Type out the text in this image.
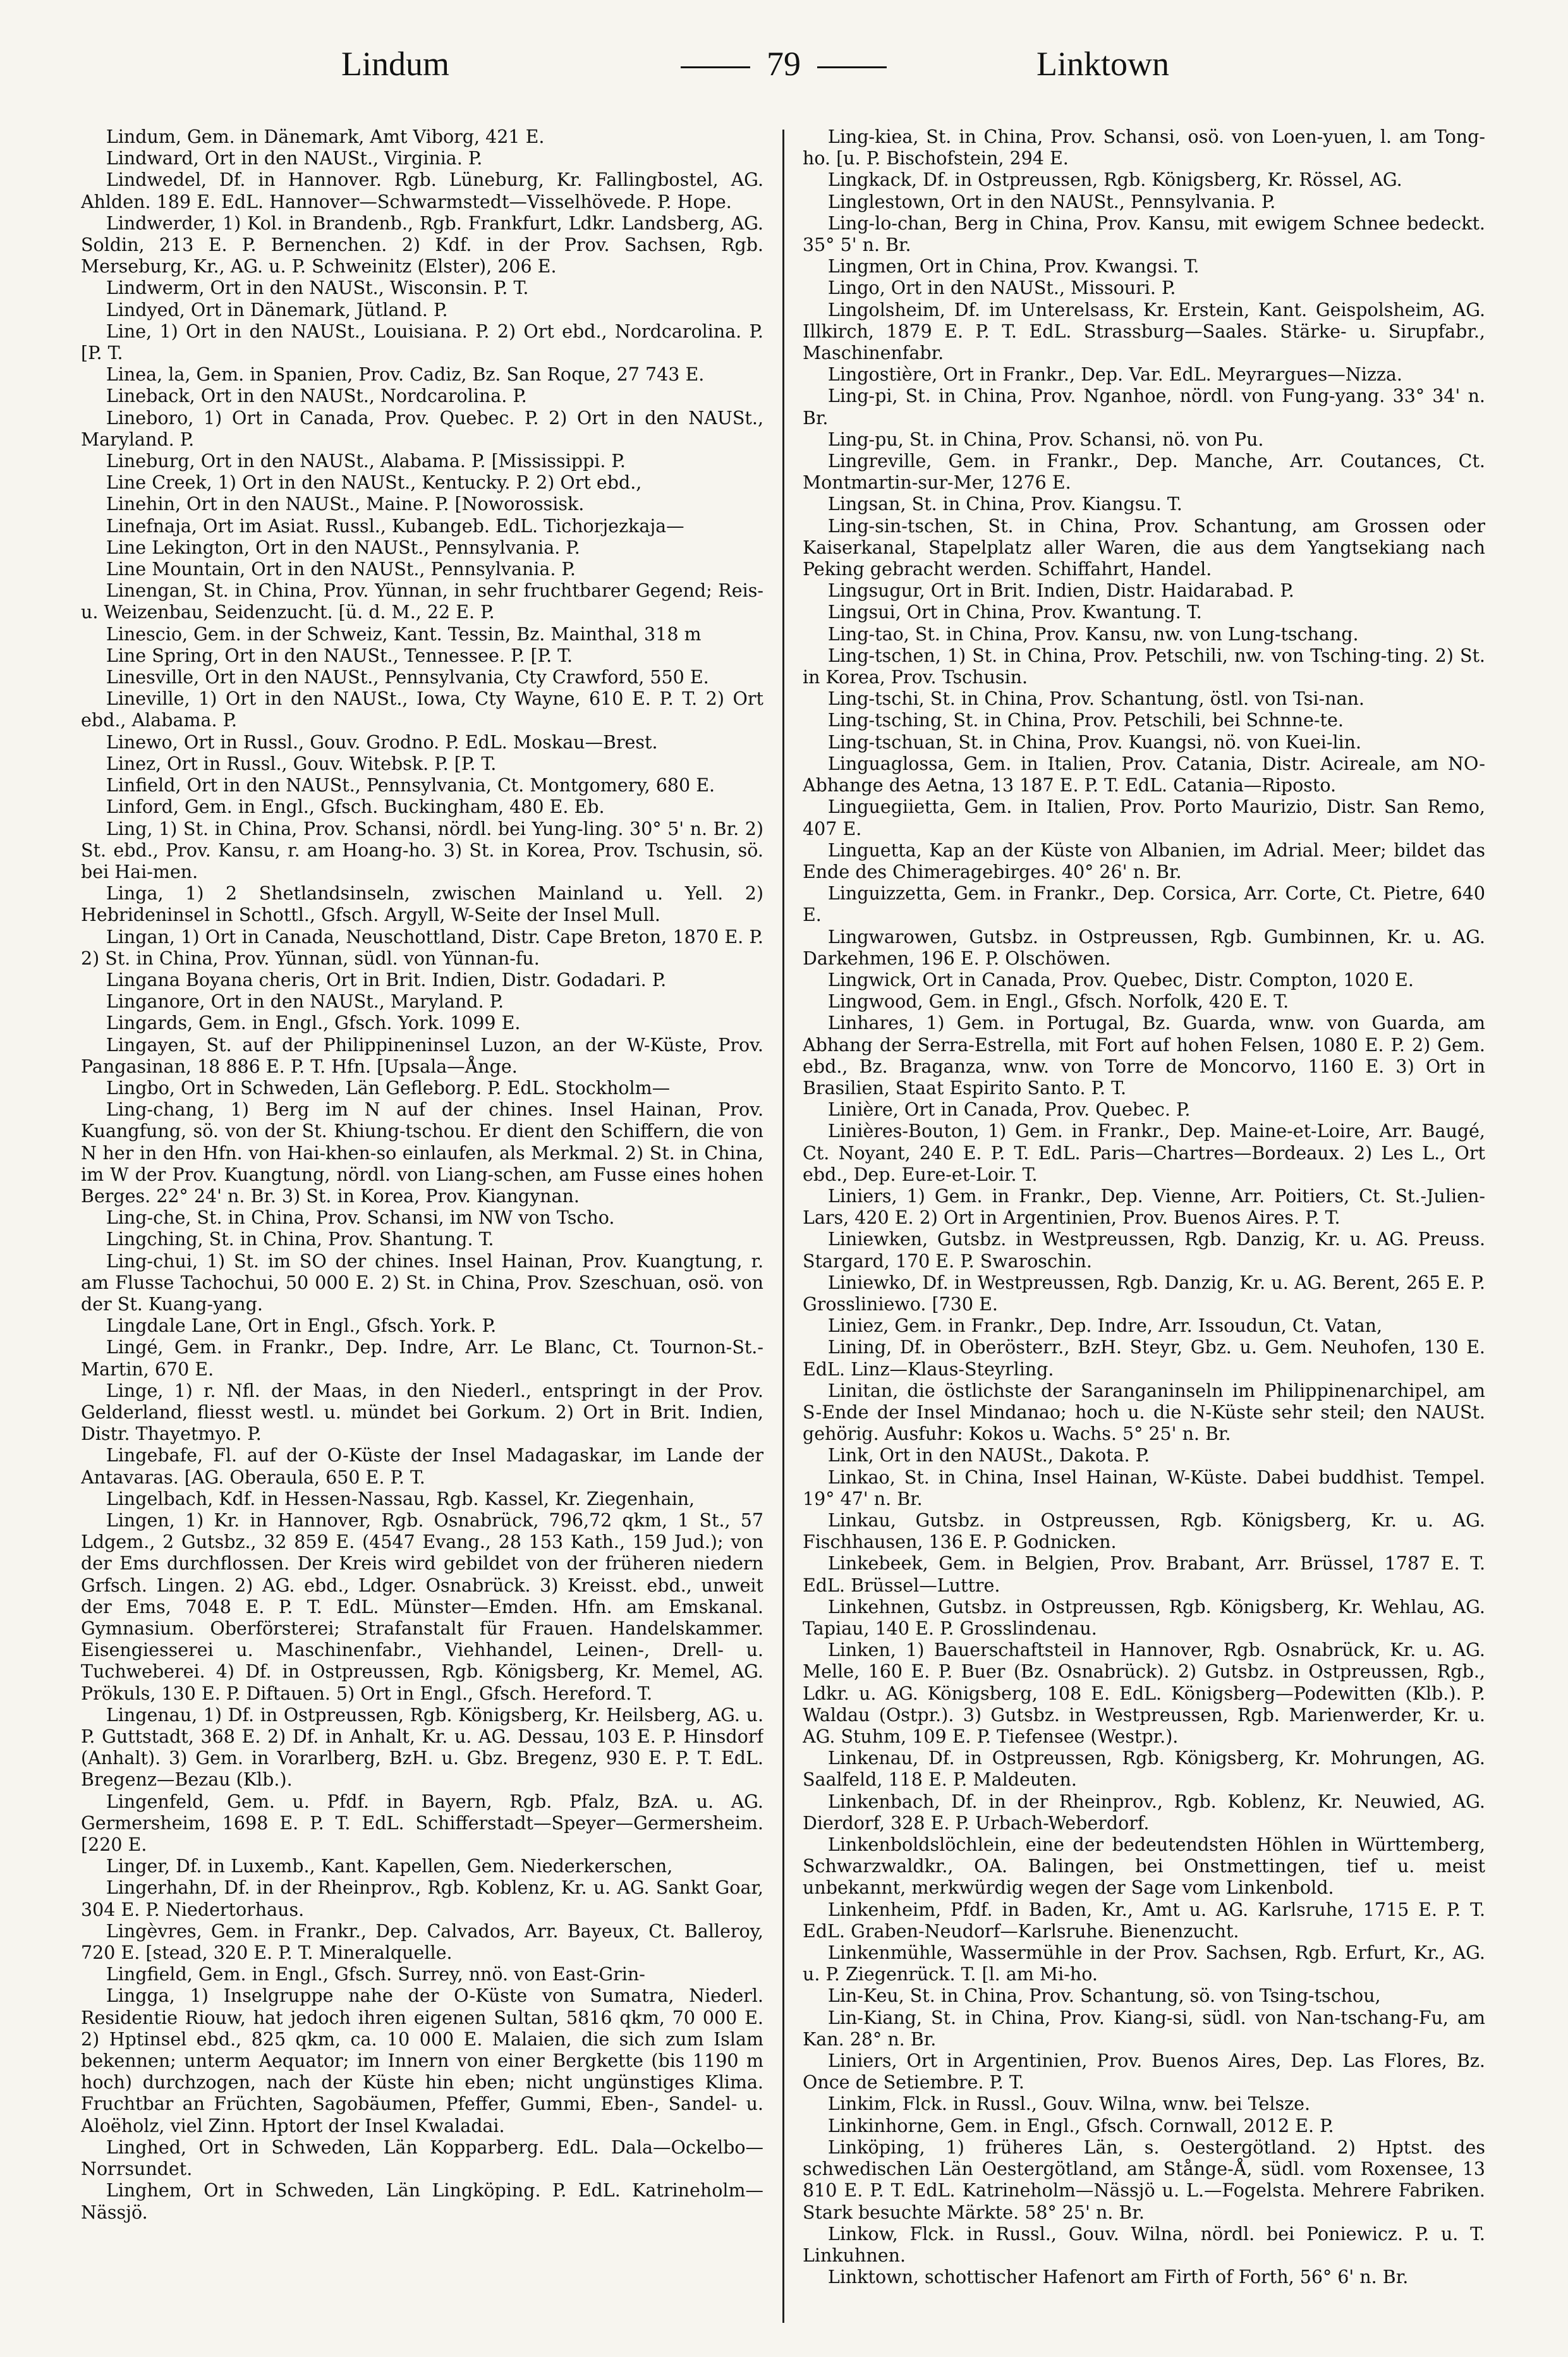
Lindum	79	Linktown

Lindum, Gem. in Dänemark, Amt Viborg, 421 E.

Lindward, Ort in den NAUSt., Virginia. P.

Lindwedel, Df. in Hannover. Rgb. Lüneburg, Kr. Fallingbostel, AG. Ahlden. 189 E. EdL. Hannover—Schwarmstedt—Visselhövede. P. Hope.

Lindwerder, 1) Kol. in Brandenb., Rgb. Frankfurt, Ldkr. Landsberg, AG. Soldin, 213 E. P. Bernenchen. 2) Kdf. in der Prov. Sachsen, Rgb. Merseburg, Kr., AG. u. P. Schweinitz (Elster), 206 E.

Lindwerm, Ort in den NAUSt., Wisconsin. P. T.

Lindyed, Ort in Dänemark, Jütland. P.

Line, 1) Ort in den NAUSt., Louisiana. P. 2) Ort ebd., Nordcarolina. P. [P. T.

Linea, la, Gem. in Spanien, Prov. Cadiz, Bz. San Roque, 27 743 E.

Lineback, Ort in den NAUSt., Nordcarolina. P.

Lineboro, 1) Ort in Canada, Prov. Quebec. P. 2) Ort in den NAUSt., Maryland. P.

Lineburg, Ort in den NAUSt., Alabama. P. [Mississippi. P.

Line Creek, 1) Ort in den NAUSt., Kentucky. P. 2) Ort ebd.,

Linehin, Ort in den NAUSt., Maine. P. [Noworossisk.

Linefnaja, Ort im Asiat. Russl., Kubangeb. EdL. Tichorjezkaja—

Line Lekington, Ort in den NAUSt., Pennsylvania. P.

Line Mountain, Ort in den NAUSt., Pennsylvania. P.

Linengan, St. in China, Prov. Yünnan, in sehr fruchtbarer Gegend; Reis- u. Weizenbau, Seidenzucht. [ü. d. M., 22 E. P.

Linescio, Gem. in der Schweiz, Kant. Tessin, Bz. Mainthal, 318 m

Line Spring, Ort in den NAUSt., Tennessee. P. [P. T.

Linesville, Ort in den NAUSt., Pennsylvania, Cty Crawford, 550 E.

Lineville, 1) Ort in den NAUSt., Iowa, Cty Wayne, 610 E. P. T. 2) Ort ebd., Alabama. P.

Linewo, Ort in Russl., Gouv. Grodno. P. EdL. Moskau—Brest.

Linez, Ort in Russl., Gouv. Witebsk. P. [P. T.

Linfield, Ort in den NAUSt., Pennsylvania, Ct. Montgomery, 680 E.

Linford, Gem. in Engl., Gfsch. Buckingham, 480 E. Eb.

Ling, 1) St. in China, Prov. Schansi, nördl. bei Yung-ling. 30° 5' n. Br. 2) St. ebd., Prov. Kansu, r. am Hoang-ho. 3) St. in Korea, Prov. Tschusin, sö. bei Hai-men.

Linga, 1) 2 Shetlandsinseln, zwischen Mainland u. Yell. 2) Hebrideninsel in Schottl., Gfsch. Argyll, W-Seite der Insel Mull.

Lingan, 1) Ort in Canada, Neuschottland, Distr. Cape Breton, 1870 E. P. 2) St. in China, Prov. Yünnan, südl. von Yünnan-fu.

Lingana Boyana cheris, Ort in Brit. Indien, Distr. Godadari. P.

Linganore, Ort in den NAUSt., Maryland. P.

Lingards, Gem. in Engl., Gfsch. York. 1099 E.

Lingayen, St. auf der Philippineninsel Luzon, an der W-Küste, Prov. Pangasinan, 18 886 E. P. T. Hfn. [Upsala—Ånge.

Lingbo, Ort in Schweden, Län Gefleborg. P. EdL. Stockholm—

Ling-chang, 1) Berg im N auf der chines. Insel Hainan, Prov. Kuangfung, sö. von der St. Khiung-tschou. Er dient den Schiffern, die von N her in den Hfn. von Hai-khen-so einlaufen, als Merkmal. 2) St. in China, im W der Prov. Kuangtung, nördl. von Liang-schen, am Fusse eines hohen Berges. 22° 24' n. Br. 3) St. in Korea, Prov. Kiangynan.

Ling-che, St. in China, Prov. Schansi, im NW von Tscho.

Lingching, St. in China, Prov. Shantung. T.

Ling-chui, 1) St. im SO der chines. Insel Hainan, Prov. Kuangtung, r. am Flusse Tachochui, 50 000 E. 2) St. in China, Prov. Szeschuan, osö. von der St. Kuang-yang.

Lingdale Lane, Ort in Engl., Gfsch. York. P.

Lingé, Gem. in Frankr., Dep. Indre, Arr. Le Blanc, Ct. Tournon-St.-Martin, 670 E.

Linge, 1) r. Nfl. der Maas, in den Niederl., entspringt in der Prov. Gelderland, fliesst westl. u. mündet bei Gorkum. 2) Ort in Brit. Indien, Distr. Thayetmyo. P.

Lingebafe, Fl. auf der O-Küste der Insel Madagaskar, im Lande der Antavaras. [AG. Oberaula, 650 E. P. T.

Lingelbach, Kdf. in Hessen-Nassau, Rgb. Kassel, Kr. Ziegenhain,

Lingen, 1) Kr. in Hannover, Rgb. Osnabrück, 796,72 qkm, 1 St., 57 Ldgem., 2 Gutsbz., 32 859 E. (4547 Evang., 28 153 Kath., 159 Jud.); von der Ems durchflossen. Der Kreis wird gebildet von der früheren niedern Grfsch. Lingen. 2) AG. ebd., Ldger. Osnabrück. 3) Kreisst. ebd., unweit der Ems, 7048 E. P. T. EdL. Münster—Emden. Hfn. am Emskanal. Gymnasium. Oberförsterei; Strafanstalt für Frauen. Handelskammer. Eisengiesserei u. Maschinenfabr., Viehhandel, Leinen-, Drell- u. Tuchweberei. 4) Df. in Ostpreussen, Rgb. Königsberg, Kr. Memel, AG. Prökuls, 130 E. P. Diftauen. 5) Ort in Engl., Gfsch. Hereford. T.

Lingenau, 1) Df. in Ostpreussen, Rgb. Königsberg, Kr. Heilsberg, AG. u. P. Guttstadt, 368 E. 2) Df. in Anhalt, Kr. u. AG. Dessau, 103 E. P. Hinsdorf (Anhalt). 3) Gem. in Vorarlberg, BzH. u. Gbz. Bregenz, 930 E. P. T. EdL. Bregenz—Bezau (Klb.).

Lingenfeld, Gem. u. Pfdf. in Bayern, Rgb. Pfalz, BzA. u. AG. Germersheim, 1698 E. P. T. EdL. Schifferstadt—Speyer—Germersheim. [220 E.

Linger, Df. in Luxemb., Kant. Kapellen, Gem. Niederkerschen,

Lingerhahn, Df. in der Rheinprov., Rgb. Koblenz, Kr. u. AG. Sankt Goar, 304 E. P. Niedertorhaus.

Lingèvres, Gem. in Frankr., Dep. Calvados, Arr. Bayeux, Ct. Balleroy, 720 E. [stead, 320 E. P. T. Mineralquelle.

Lingfield, Gem. in Engl., Gfsch. Surrey, nnö. von East-Grin-

Lingga, 1) Inselgruppe nahe der O-Küste von Sumatra, Niederl. Residentie Riouw, hat jedoch ihren eigenen Sultan, 5816 qkm, 70 000 E. 2) Hptinsel ebd., 825 qkm, ca. 10 000 E. Malaien, die sich zum Islam bekennen; unterm Aequator; im Innern von einer Bergkette (bis 1190 m hoch) durchzogen, nach der Küste hin eben; nicht ungünstiges Klima. Fruchtbar an Früchten, Sagobäumen, Pfeffer, Gummi, Eben-, Sandel- u. Aloëholz, viel Zinn. Hptort der Insel Kwaladai.

Linghed, Ort in Schweden, Län Kopparberg. EdL. Dala—Ockelbo—Norrsundet.

Linghem, Ort in Schweden, Län Lingköping. P. EdL. Katrineholm—Nässjö.

Ling-kiea, St. in China, Prov. Schansi, osö. von Loen-yuen, l. am Tong-ho. [u. P. Bischofstein, 294 E.

Lingkack, Df. in Ostpreussen, Rgb. Königsberg, Kr. Rössel, AG.

Linglestown, Ort in den NAUSt., Pennsylvania. P.

Ling-lo-chan, Berg in China, Prov. Kansu, mit ewigem Schnee bedeckt. 35° 5' n. Br.

Lingmen, Ort in China, Prov. Kwangsi. T.

Lingo, Ort in den NAUSt., Missouri. P.

Lingolsheim, Df. im Unterelsass, Kr. Erstein, Kant. Geispolsheim, AG. Illkirch, 1879 E. P. T. EdL. Strassburg—Saales. Stärke- u. Sirupfabr., Maschinenfabr.

Lingostière, Ort in Frankr., Dep. Var. EdL. Meyrargues—Nizza.

Ling-pi, St. in China, Prov. Nganhoe, nördl. von Fung-yang. 33° 34' n. Br.

Ling-pu, St. in China, Prov. Schansi, nö. von Pu.

Lingreville, Gem. in Frankr., Dep. Manche, Arr. Coutances, Ct. Montmartin-sur-Mer, 1276 E.

Lingsan, St. in China, Prov. Kiangsu. T.

Ling-sin-tschen, St. in China, Prov. Schantung, am Grossen oder Kaiserkanal, Stapelplatz aller Waren, die aus dem Yangtsekiang nach Peking gebracht werden. Schiffahrt, Handel.

Lingsugur, Ort in Brit. Indien, Distr. Haidarabad. P.

Lingsui, Ort in China, Prov. Kwantung. T.

Ling-tao, St. in China, Prov. Kansu, nw. von Lung-tschang.

Ling-tschen, 1) St. in China, Prov. Petschili, nw. von Tsching-ting. 2) St. in Korea, Prov. Tschusin.

Ling-tschi, St. in China, Prov. Schantung, östl. von Tsi-nan.

Ling-tsching, St. in China, Prov. Petschili, bei Schnne-te.

Ling-tschuan, St. in China, Prov. Kuangsi, nö. von Kuei-lin.

Linguaglossa, Gem. in Italien, Prov. Catania, Distr. Acireale, am NO-Abhange des Aetna, 13 187 E. P. T. EdL. Catania—Riposto.

Linguegiietta, Gem. in Italien, Prov. Porto Maurizio, Distr. San Remo, 407 E.

Linguetta, Kap an der Küste von Albanien, im Adrial. Meer; bildet das Ende des Chimeragebirges. 40° 26' n. Br.

Linguizzetta, Gem. in Frankr., Dep. Corsica, Arr. Corte, Ct. Pietre, 640 E.

Lingwarowen, Gutsbz. in Ostpreussen, Rgb. Gumbinnen, Kr. u. AG. Darkehmen, 196 E. P. Olschöwen.

Lingwick, Ort in Canada, Prov. Quebec, Distr. Compton, 1020 E.

Lingwood, Gem. in Engl., Gfsch. Norfolk, 420 E. T.

Linhares, 1) Gem. in Portugal, Bz. Guarda, wnw. von Guarda, am Abhang der Serra-Estrella, mit Fort auf hohen Felsen, 1080 E. P. 2) Gem. ebd., Bz. Braganza, wnw. von Torre de Moncorvo, 1160 E. 3) Ort in Brasilien, Staat Espirito Santo. P. T.

Linière, Ort in Canada, Prov. Quebec. P.

Linières-Bouton, 1) Gem. in Frankr., Dep. Maine-et-Loire, Arr. Baugé, Ct. Noyant, 240 E. P. T. EdL. Paris—Chartres—Bordeaux. 2) Les L., Ort ebd., Dep. Eure-et-Loir. T.

Liniers, 1) Gem. in Frankr., Dep. Vienne, Arr. Poitiers, Ct. St.-Julien-Lars, 420 E. 2) Ort in Argentinien, Prov. Buenos Aires. P. T.

Liniewken, Gutsbz. in Westpreussen, Rgb. Danzig, Kr. u. AG. Preuss. Stargard, 170 E. P. Swaroschin.

Liniewko, Df. in Westpreussen, Rgb. Danzig, Kr. u. AG. Berent, 265 E. P. Grossliniewo. [730 E.

Liniez, Gem. in Frankr., Dep. Indre, Arr. Issoudun, Ct. Vatan,

Lining, Df. in Oberösterr., BzH. Steyr, Gbz. u. Gem. Neuhofen, 130 E. EdL. Linz—Klaus-Steyrling.

Linitan, die östlichste der Saranganinseln im Philippinenarchipel, am S-Ende der Insel Mindanao; hoch u. die N-Küste sehr steil; den NAUSt. gehörig. Ausfuhr: Kokos u. Wachs. 5° 25' n. Br.

Link, Ort in den NAUSt., Dakota. P.

Linkao, St. in China, Insel Hainan, W-Küste. Dabei buddhist. Tempel. 19° 47' n. Br.

Linkau, Gutsbz. in Ostpreussen, Rgb. Königsberg, Kr. u. AG. Fischhausen, 136 E. P. Godnicken.

Linkebeek, Gem. in Belgien, Prov. Brabant, Arr. Brüssel, 1787 E. T. EdL. Brüssel—Luttre.

Linkehnen, Gutsbz. in Ostpreussen, Rgb. Königsberg, Kr. Wehlau, AG. Tapiau, 140 E. P. Grosslindenau.

Linken, 1) Bauerschaftsteil in Hannover, Rgb. Osnabrück, Kr. u. AG. Melle, 160 E. P. Buer (Bz. Osnabrück). 2) Gutsbz. in Ostpreussen, Rgb., Ldkr. u. AG. Königsberg, 108 E. EdL. Königsberg—Podewitten (Klb.). P. Waldau (Ostpr.). 3) Gutsbz. in Westpreussen, Rgb. Marienwerder, Kr. u. AG. Stuhm, 109 E. P. Tiefensee (Westpr.).

Linkenau, Df. in Ostpreussen, Rgb. Königsberg, Kr. Mohrungen, AG. Saalfeld, 118 E. P. Maldeuten.

Linkenbach, Df. in der Rheinprov., Rgb. Koblenz, Kr. Neuwied, AG. Dierdorf, 328 E. P. Urbach-Weberdorf.

Linkenboldslöchlein, eine der bedeutendsten Höhlen in Württemberg, Schwarzwaldkr., OA. Balingen, bei Onstmettingen, tief u. meist unbekannt, merkwürdig wegen der Sage vom Linkenbold.

Linkenheim, Pfdf. in Baden, Kr., Amt u. AG. Karlsruhe, 1715 E. P. T. EdL. Graben-Neudorf—Karlsruhe. Bienenzucht.

Linkenmühle, Wassermühle in der Prov. Sachsen, Rgb. Erfurt, Kr., AG. u. P. Ziegenrück. T. [l. am Mi-ho.

Lin-Keu, St. in China, Prov. Schantung, sö. von Tsing-tschou,

Lin-Kiang, St. in China, Prov. Kiang-si, südl. von Nan-tschang-Fu, am Kan. 28° n. Br.

Liniers, Ort in Argentinien, Prov. Buenos Aires, Dep. Las Flores, Bz. Once de Setiembre. P. T.

Linkim, Flck. in Russl., Gouv. Wilna, wnw. bei Telsze.

Linkinhorne, Gem. in Engl., Gfsch. Cornwall, 2012 E. P.

Linköping, 1) früheres Län, s. Oestergötland. 2) Hptst. des schwedischen Län Oestergötland, am Stånge-Å, südl. vom Roxensee, 13 810 E. P. T. EdL. Katrineholm—Nässjö u. L.—Fogelsta. Mehrere Fabriken. Stark besuchte Märkte. 58° 25' n. Br.

Linkow, Flck. in Russl., Gouv. Wilna, nördl. bei Poniewicz. P. u. T. Linkuhnen.

Linktown, schottischer Hafenort am Firth of Forth, 56° 6' n. Br.
